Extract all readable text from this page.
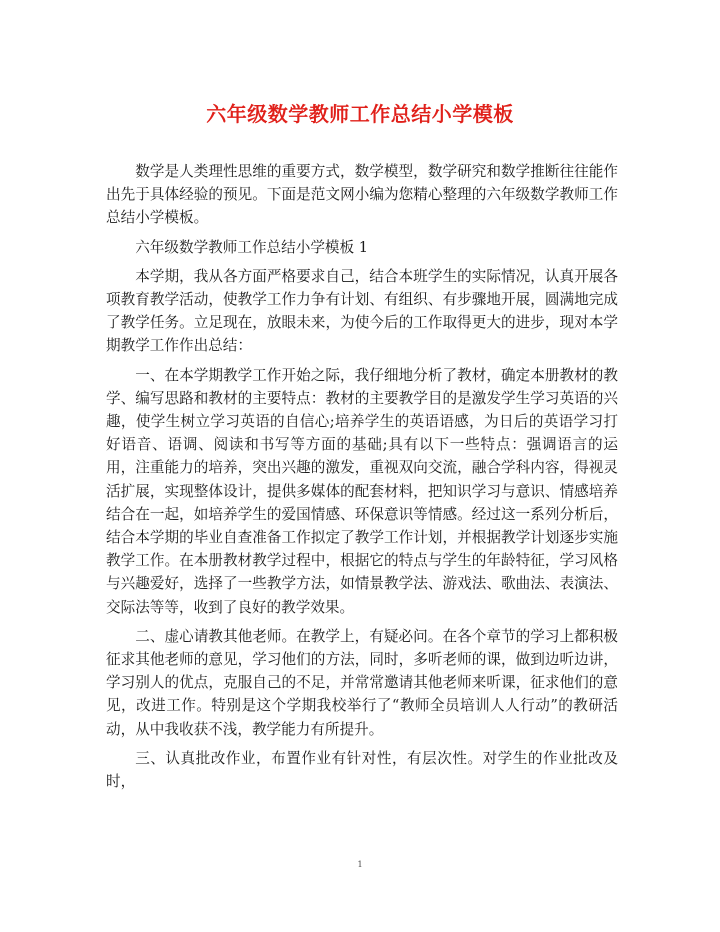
六年级数学教师工作总结小学模板

数学是人类理性思维的重要方式，数学模型，数学研究和数学推断往往能作出先于具体经验的预见。下面是范文网小编为您精心整理的六年级数学教师工作总结小学模板。

六年级数学教师工作总结小学模板 1

本学期，我从各方面严格要求自己，结合本班学生的实际情况，认真开展各项教育教学活动，使教学工作力争有计划、有组织、有步骤地开展，圆满地完成了教学任务。立足现在，放眼未来，为使今后的工作取得更大的进步，现对本学期教学工作作出总结：

一、在本学期教学工作开始之际，我仔细地分析了教材，确定本册教材的教学、编写思路和教材的主要特点：教材的主要教学目的是激发学生学习英语的兴趣，使学生树立学习英语的自信心;培养学生的英语语感，为日后的英语学习打好语音、语调、阅读和书写等方面的基础;具有以下一些特点：强调语言的运用，注重能力的培养，突出兴趣的激发，重视双向交流，融合学科内容，得视灵活扩展，实现整体设计，提供多媒体的配套材料，把知识学习与意识、情感培养结合在一起，如培养学生的爱国情感、环保意识等情感。经过这一系列分析后，结合本学期的毕业自查准备工作拟定了教学工作计划，并根据教学计划逐步实施教学工作。在本册教材教学过程中，根据它的特点与学生的年龄特征，学习风格与兴趣爱好，选择了一些教学方法，如情景教学法、游戏法、歌曲法、表演法、交际法等等，收到了良好的教学效果。

二、虚心请教其他老师。在教学上，有疑必问。在各个章节的学习上都积极征求其他老师的意见，学习他们的方法，同时，多听老师的课，做到边听边讲，学习别人的优点，克服自己的不足，并常常邀请其他老师来听课，征求他们的意见，改进工作。特别是这个学期我校举行了“教师全员培训人人行动”的教研活动，从中我收获不浅，教学能力有所提升。

三、认真批改作业，布置作业有针对性，有层次性。对学生的作业批改及时，

1
